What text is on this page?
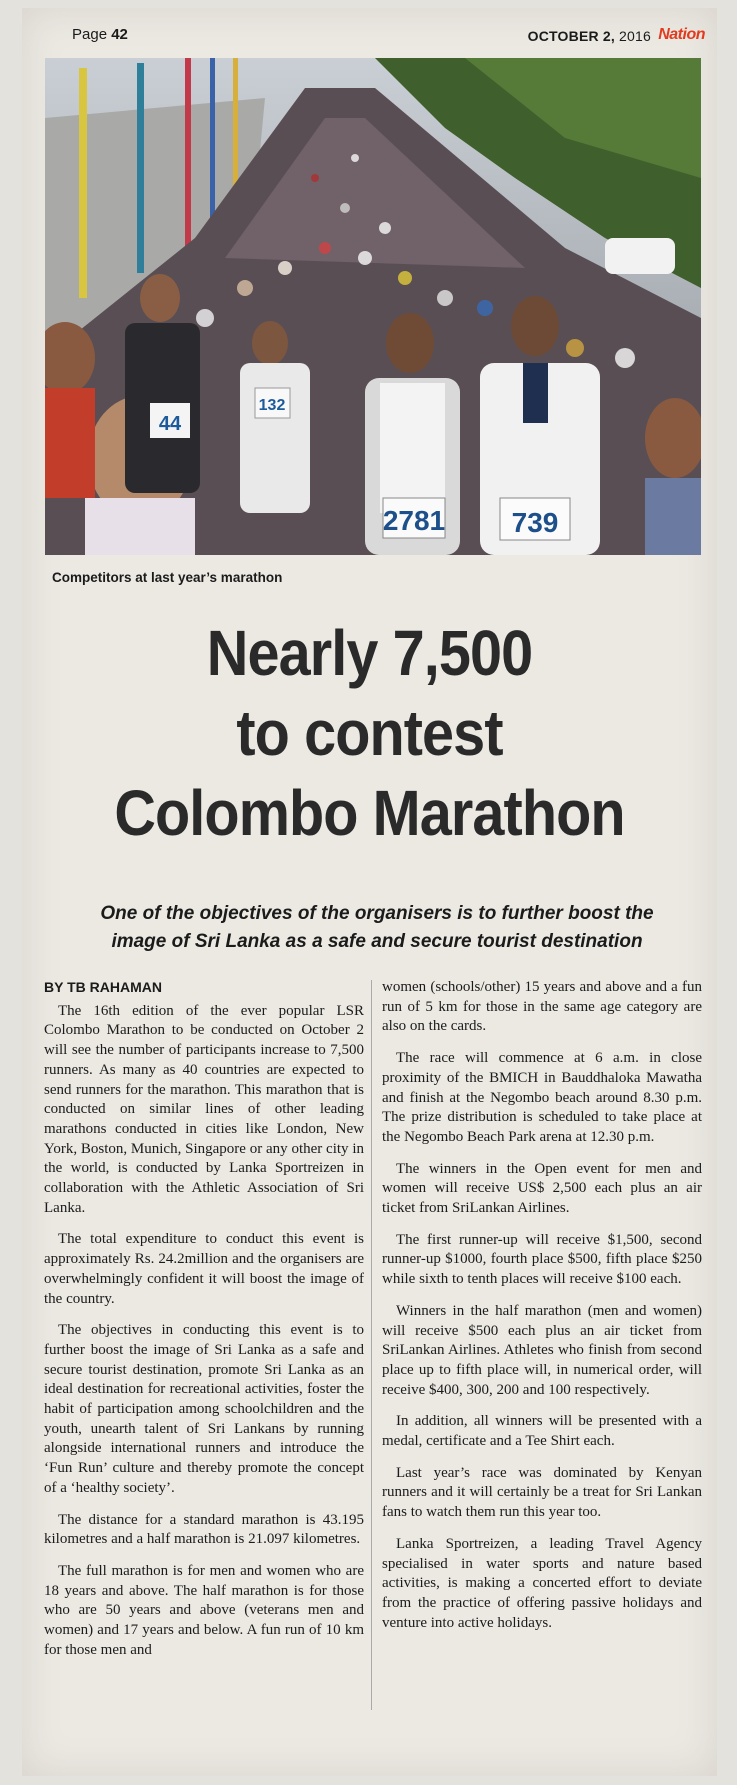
Page 42	OCTOBER 2, 2016 Nation
44
132
2781 739
Competitors at last year’s marathon
Nearly 7,500
to contest
Colombo Marathon
One of the objectives of the organisers is to further boost the
image of Sri Lanka as a safe and secure tourist destination
BY TB RAHAMAN

The 16th edition of the ever popular LSR Colombo Marathon to be conducted on October 2 will see the number of participants increase to 7,500 runners. As many as 40 countries are expected to send runners for the marathon. This marathon that is conducted on similar lines of other leading marathons conducted in cities like London, New York, Boston, Munich, Singapore or any other city in the world, is conducted by Lanka Sportreizen in collaboration with the Athletic Association of Sri Lanka.

The total expenditure to conduct this event is approximately Rs. 24.2million and the organisers are overwhelmingly confident it will boost the image of the country.

The objectives in conducting this event is to further boost the image of Sri Lanka as a safe and secure tourist destination, promote Sri Lanka as an ideal destination for recreational activities, foster the habit of participation among schoolchildren and the youth, unearth talent of Sri Lankans by running alongside international runners and introduce the ‘Fun Run’ culture and thereby promote the concept of a ‘healthy society’.

The distance for a standard marathon is 43.195 kilometres and a half marathon is 21.097 kilometres.

The full marathon is for men and women who are 18 years and above. The half marathon is for those who are 50 years and above (veterans men and women) and 17 years and below. A fun run of 10 km for those men and

women (schools/other) 15 years and above and a fun run of 5 km for those in the same age category are also on the cards.

The race will commence at 6 a.m. in close proximity of the BMICH in Bauddhaloka Mawatha and finish at the Negombo beach around 8.30 p.m. The prize distribution is scheduled to take place at the Negombo Beach Park arena at 12.30 p.m.

The winners in the Open event for men and women will receive US$ 2,500 each plus an air ticket from SriLankan Airlines.

The first runner-up will receive $1,500, second runner-up $1000, fourth place $500, fifth place $250 while sixth to tenth places will receive $100 each.

Winners in the half marathon (men and women) will receive $500 each plus an air ticket from SriLankan Airlines. Athletes who finish from second place up to fifth place will, in numerical order, will receive $400, 300, 200 and 100 respectively.

In addition, all winners will be presented with a medal, certificate and a Tee Shirt each.

Last year’s race was dominated by Kenyan runners and it will certainly be a treat for Sri Lankan fans to watch them run this year too.

Lanka Sportreizen, a leading Travel Agency specialised in water sports and nature based activities, is making a concerted effort to deviate from the practice of offering passive holidays and venture into active holidays.
